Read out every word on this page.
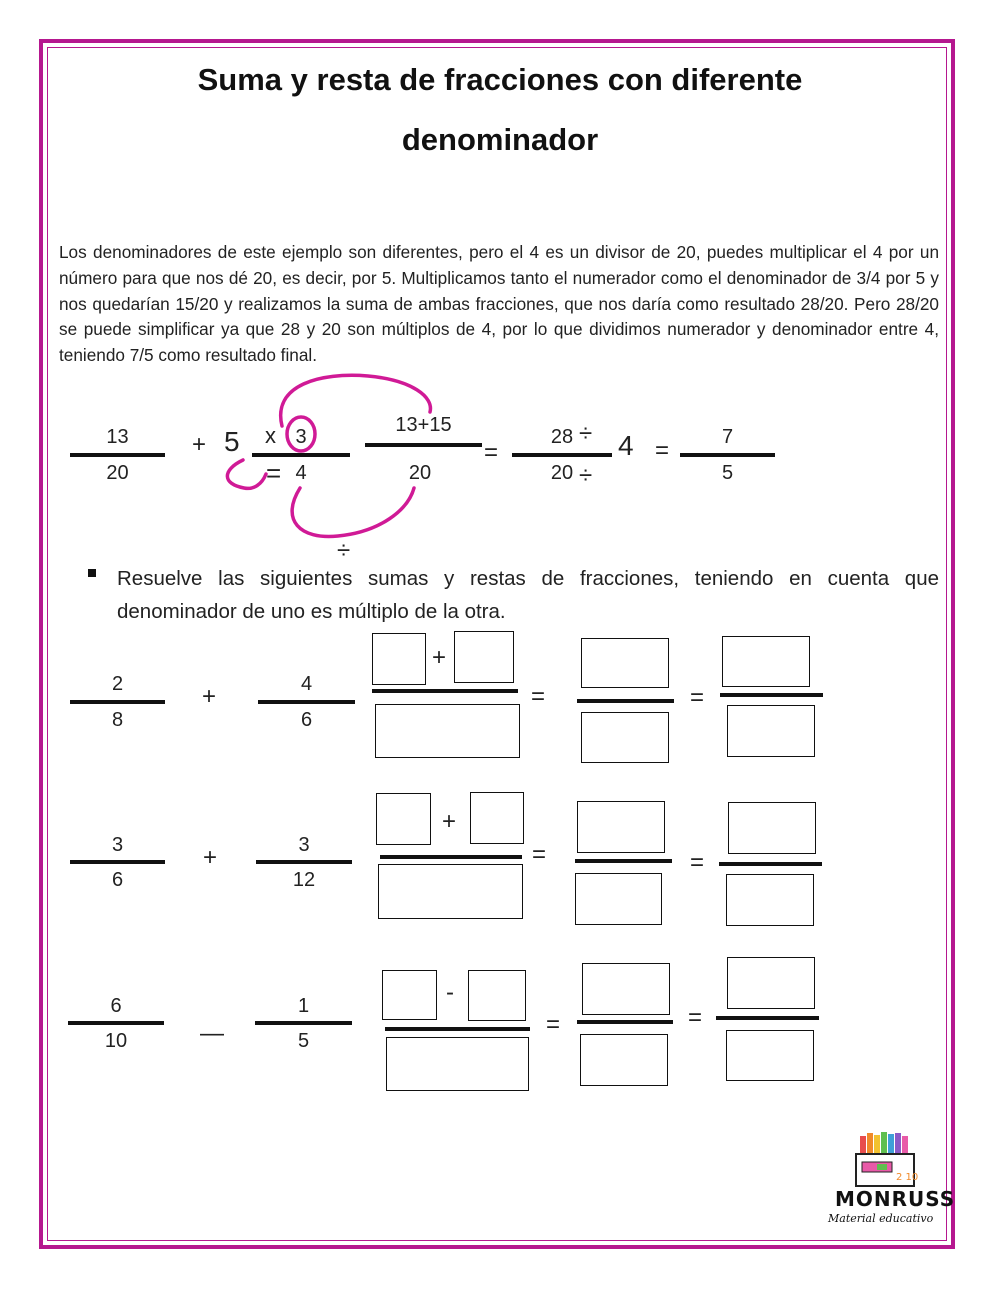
Suma y resta de fracciones con diferente
denominador
Los denominadores de este ejemplo son diferentes, pero el 4 es un divisor de 20, puedes multiplicar el 4 por un número para que nos dé 20, es decir, por 5. Multiplicamos tanto el numerador como el denominador de 3/4 por 5 y nos quedarían 15/20 y realizamos la suma de ambas fracciones, que nos daría como resultado 28/20. Pero 28/20 se puede simplificar ya que 28 y 20 son múltiplos de 4, por lo que dividimos numerador y denominador entre 4, teniendo 7/5 como resultado final.
13
20
+ 5 x 3
4
=
13+15
20
=
28
20
÷
÷
4 =	7
5
÷
Resuelve las siguientes sumas y restas de fracciones, teniendo en cuenta que denominador de uno es múltiplo de la otra.
2
8
+	4
6
+
=	=
3
6
+	3
12
+
=	=
6
10	—
1
5
-
=	=
2 10
MONRUSS
Material educativo
